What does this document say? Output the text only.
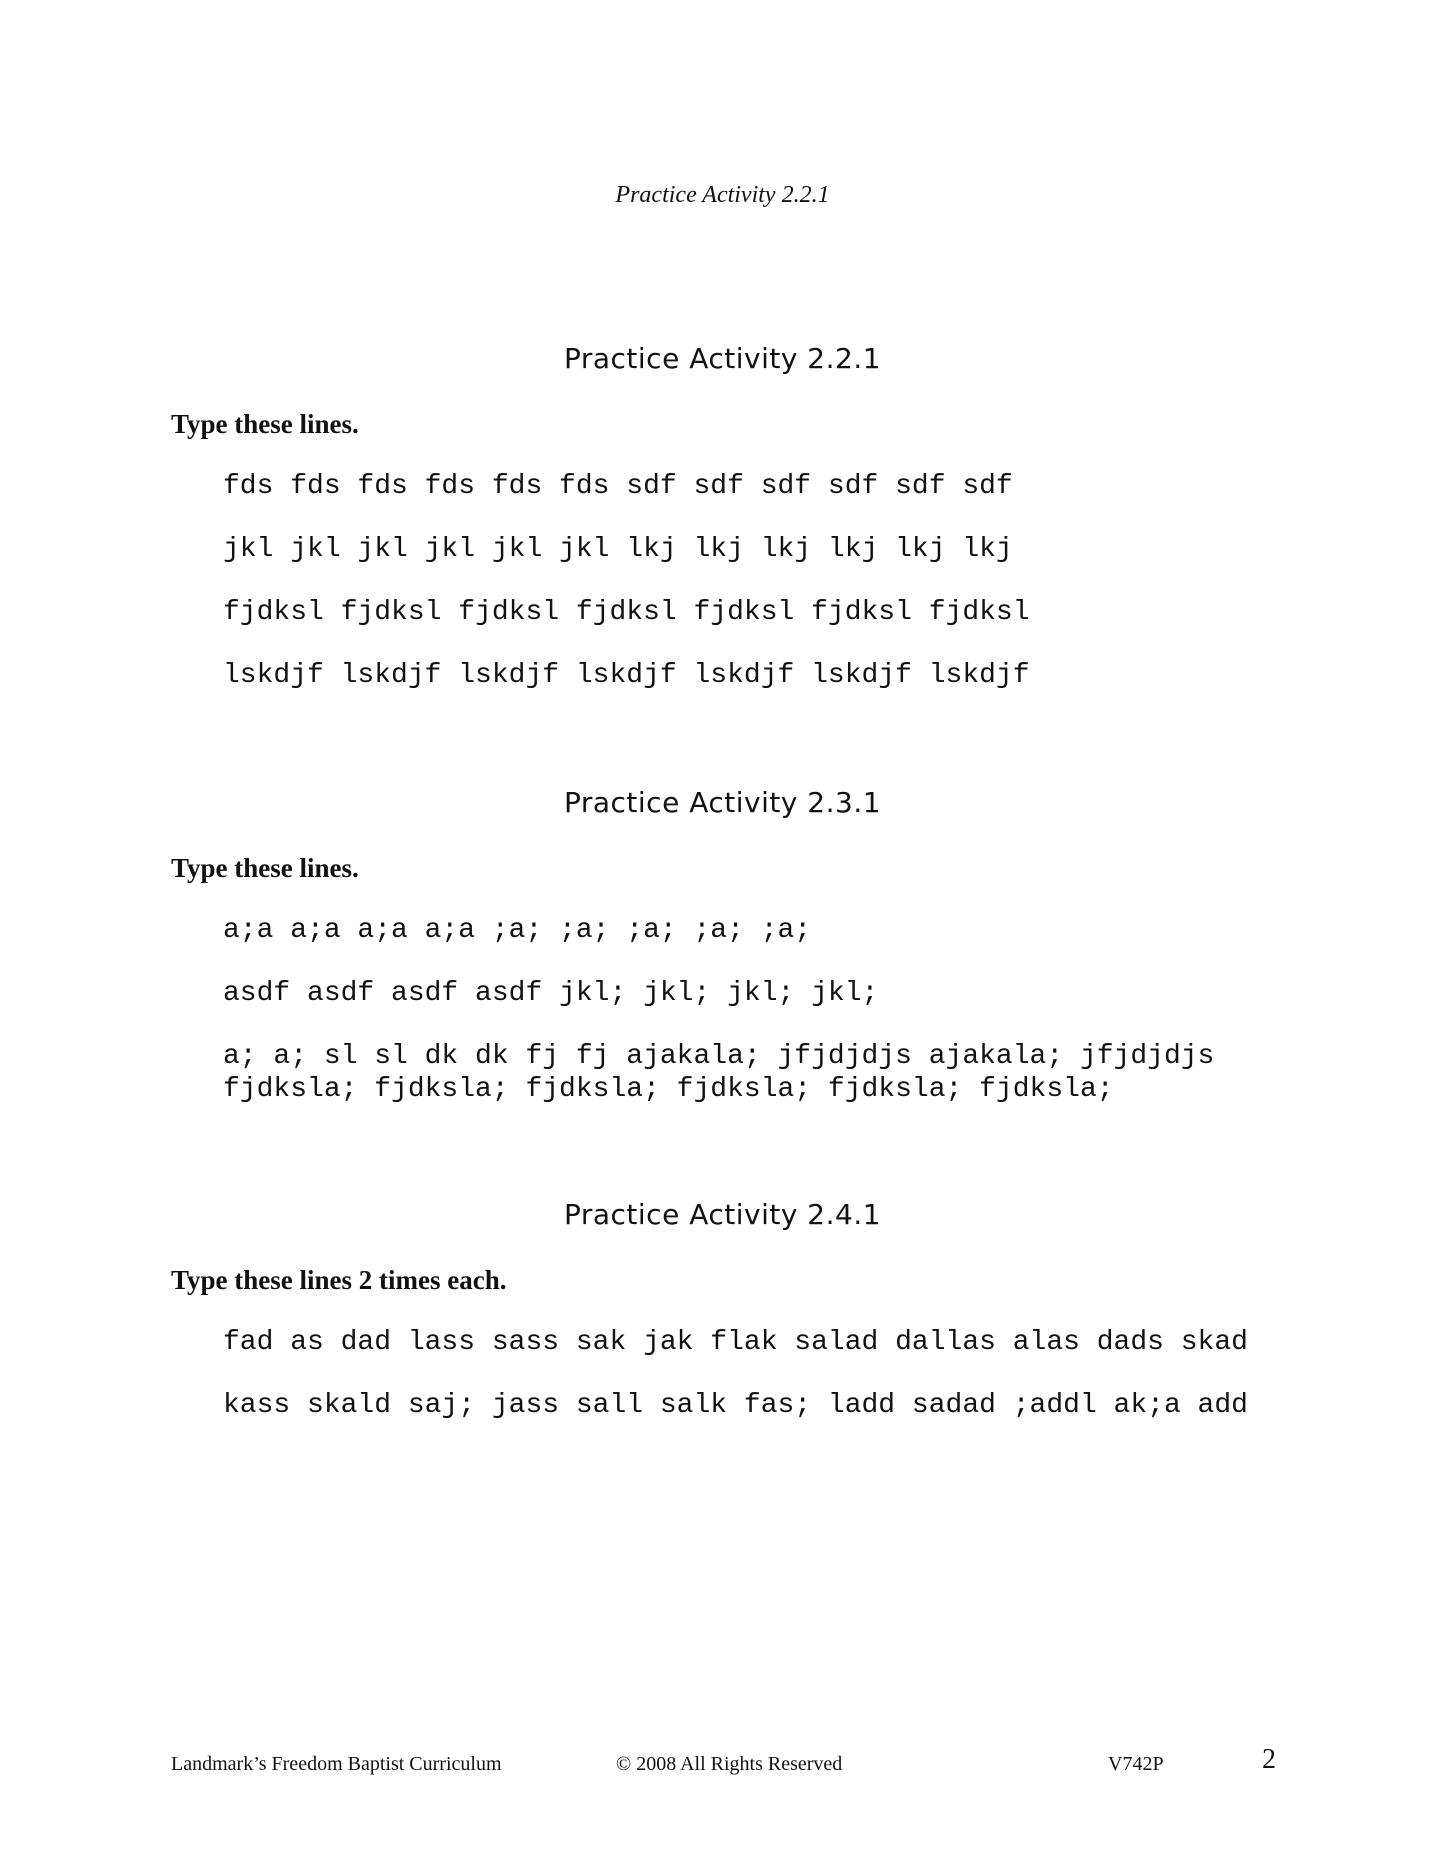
Practice Activity 2.2.1
Practice Activity 2.2.1
Type these lines.

fds fds fds fds fds fds sdf sdf sdf sdf sdf sdf

jkl jkl jkl jkl jkl jkl lkj lkj lkj lkj lkj lkj

fjdksl fjdksl fjdksl fjdksl fjdksl fjdksl fjdksl

lskdjf lskdjf lskdjf lskdjf lskdjf lskdjf lskdjf

Practice Activity 2.3.1
Type these lines.

a;a a;a a;a a;a ;a; ;a; ;a; ;a; ;a;

asdf asdf asdf asdf jkl; jkl; jkl; jkl;

a; a; sl sl dk dk fj fj ajakala; jfjdjdjs ajakala; jfjdjdjs

fjdksla; fjdksla; fjdksla; fjdksla; fjdksla; fjdksla;

Practice Activity 2.4.1
Type these lines 2 times each.

fad as dad lass sass sak jak flak salad dallas alas dads skad

kass skald saj; jass sall salk fas; ladd sadad ;addl ak;a add

Landmark’s Freedom Baptist Curriculum	© 2008 All Rights Reserved	V742P	2
